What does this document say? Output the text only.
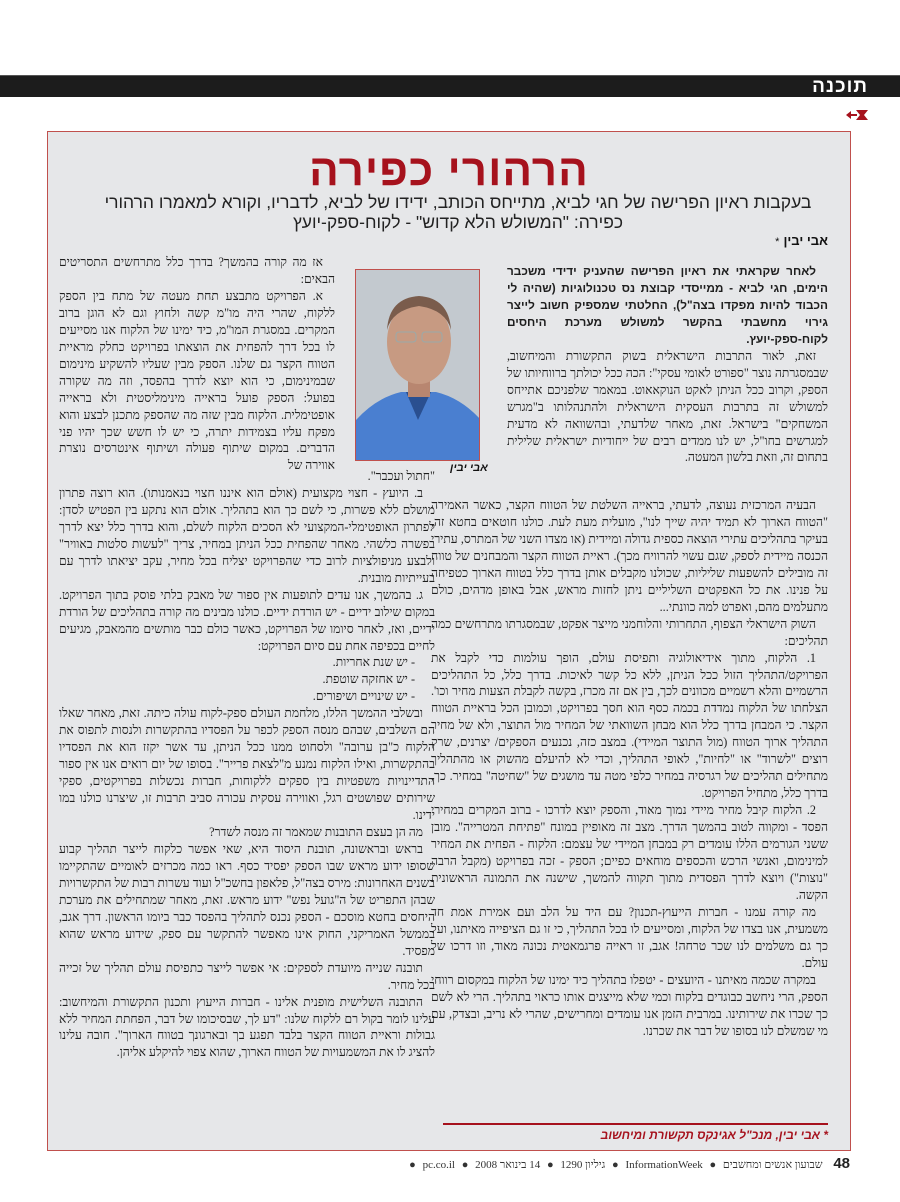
תוכנה
הרהורי כפירה
בעקבות ראיון הפרישה של חגי לביא, מתייחס הכותב, ידידו של לביא, לדבריו, וקורא למאמרו הרהורי כפירה: "המשולש הלא קדוש" - לקוח-ספק-יועץ
אבי יבין*

לאחר שקראתי את ראיון הפרישה שהעניק ידידי משכבר הימים, חגי לביא - ממייסדי קבוצת נס טכנולוגיות (שהיה לי הכבוד להיות מפקדו בצה"ל), החלטתי שמספיק חשוב לייצר גירוי מחשבתי בהקשר למשולש מערכת היחסים לקוח-ספק-יועץ.

זאת, לאור התרבות הישראלית בשוק התקשורת והמיחשוב, שבמסגרתה נוצר "ספורט לאומי עסקי": הכה ככל יכולתך ברווחיותו של הספק, וקרוב ככל הניתן לאקט הנוקאאוט. במאמר שלפניכם אתייחס למשולש זה בתרבות העסקית הישראלית ולהתנהלותו ב"מגרש המשחקים" בישראל. זאת, מאחר שלדעתי, ובהשוואה לא מדעית למגרשים בחו"ל, יש לנו ממדים רבים של ייחודיות ישראלית שלילית בתחום זה, וזאת בלשון המעטה.

הבעיה המרכזית נעוצה, לדעתי, בראייה השלטת של הטווח הקצר, כאשר האמירה "הטווח הארוך לא תמיד יהיה שייך לנו", מועלית מעת לעת. כולנו חוטאים בחטא זה, בעיקר בתהליכים עתירי הוצאה כספית גדולה ומיידית (או מצדו השני של המתרס, עתירי הכנסה מיידית לספק, שגם עשוי להרוויח מכך). ראיית הטווח הקצר והמבחנים של טווח זה מובילים להשפעות שליליות, שכולנו מקבלים אותן בדרך כלל בטווח הארוך כטפיחה על פנינו. את כל האפקטים השליליים ניתן לחזות מראש, אבל באופן מדהים, כולם מתעלמים מהם, ואפרט למה כוונתי...

השוק הישראלי הצפוף, התחרותי והלוחמני מייצר אפקט, שבמסגרתו מתרחשים כמה תהליכים:

1. הלקוח, מתוך אידיאולוגיה ותפיסת עולם, הופך עולמות כדי לקבל את הפרויקט/התהליך הזול ככל הניתן, ללא כל קשר לאיכות. בדרך כלל, כל התהליכים הרשמיים והלא רשמיים מכוונים לכך, בין אם זה מכרז, בקשה לקבלת הצעות מחיר וכו'. הצלחתו של הלקוח נמדדת בכמה כסף הוא חסך בפרויקט, וכמובן הכל בראיית הטווח הקצר. כי המבחן בדרך כלל הוא מבחן השוואתי של המחיר מול התוצר, ולא של מחיר התהליך ארוך הטווח (מול התוצר המיידי). במצב כזה, נכנעים הספקים/ יצרנים, שרק רוצים "לשרוד" או "לחיות", לאופי התהליך, וכדי לא להיעלם מהשוק או מהתהליך מתחילים תהליכים של רגרסיה במחיר כלפי מטה עד מושגים של "שחיטה" במחיר. כך, בדרך כלל, מתחיל הפרויקט.

2. הלקוח קיבל מחיר מיידי נמוך מאוד, והספק יוצא לדרכו - ברוב המקרים במחירי הפסד - ומקווה לטוב בהמשך הדרך. מצב זה מאופיין במונח "פתיחת המטרייה". מובן ששני הגורמים הללו עומדים רק במבחן המיידי של עצמם: הלקוח - הפחית את המחיר למינימום, ואנשי הרכש והכספים מוחאים כפיים; הספק - זכה בפרויקט (מקבל הרבה "נוצות") ויוצא לדרך הפסדית מתוך תקווה להמשך, שישנה את התמונה הראשונית הקשה.

מה קורה עמנו - חברות הייעוץ-תכנון? עם היד על הלב ועם אמירת אמת חד משמעית, אנו בצדו של הלקוח, ומסייעים לו בכל התהליך, כי זו גם הציפייה מאיתנו, ועל כך גם משלמים לנו שכר טרחה! אגב, זו ראייה פרגמאטית נכונה מאוד, וזו דרכו של עולם.

במקרה שכמה מאיתנו - היועצים - יטפלו בתהליך כיד ימינו של הלקוח במקסום רווחי הספק, הרי ניחשב כבוגדים בלקוח וכמי שלא מייצגים אותו כראוי בתהליך. הרי לא לשם כך שכרו את שירותינו. במרבית הזמן אנו עומדים ומחרישים, שהרי לא נריב, ובצדק, עם מי שמשלם לנו בסופו של דבר את שכרנו.

אז מה קורה בהמשך? בדרך כלל מתרחשים התסריטים הבאים:

א. הפרויקט מתבצע תחת מעטה של מתח בין הספק ללקוח, שהרי היה מו"מ קשה ולחוץ וגם לא הוגן ברוב המקרים. במסגרת המו"מ, כיד ימינו של הלקוח אנו מסייעים לו בכל דרך להפחית את הוצאתו בפרויקט כחלק מראיית הטווח הקצר גם שלנו. הספק מבין שעליו להשקיע מינימום שבמינימום, כי הוא יוצא לדרך בהפסד, וזה מה שקורה בפועל: הספק פועל בראייה מינימליסטית ולא בראייה אופטימלית. הלקוח מבין שזה מה שהספק מתכנן לבצע והוא מפקח עליו בצמידות יתרה, כי יש לו חשש שכך יהיו פני הדברים. במקום שיתוף פעולה ושיתוף אינטרסים נוצרת אווירה של	אבי יבין

"חתול ועכבר".

ב. היועץ - חצוי מקצועית (אולם הוא איננו חצוי בנאמנותו). הוא רוצה פתרון מושלם ללא פשרות, כי לשם כך הוא בתהליך. אולם הוא נתקע בין הפטיש לסדן: לפתרון האופטימלי-המקצועי לא הסכים הלקוח לשלם, והוא בדרך כלל יצא לדרך בפשרה כלשהי. מאחר שהפחית ככל הניתן במחיר, צריך "לעשות סלטות באוויר" ולבצע מניפולציות לרוב כדי שהפרויקט יצליח בכל מחיר, עקב יציאתו לדרך עם בעייתיות מובנית.

ג. בהמשך, אנו עדים לתופעות אין ספור של מאבק בלתי פוסק בתוך הפרויקט. במקום שילוב ידיים - יש הורדת ידיים. כולנו מבינים מה קורה בתהליכים של הורדת ידיים, ואז, לאחר סיומו של הפרויקט, כאשר כולם כבר מותשים מהמאבק, מגיעים לחיים בכפיפה אחת עם סיום הפרויקט:

- יש שנת אחריות.
- יש אחזקה שוטפת.
- יש שינויים ושיפורים.

ובשלבי ההמשך הללו, מלחמת העולם ספק-לקוח עולה כיתה. זאת, מאחר שאלו הם השלבים, שבהם מנסה הספק לכפר על הפסדיו בהתקשרות ולנסות לתפוס את הלקוח כ"בן ערובה" ולסחוט ממנו ככל הניתן, עד אשר יקזז הוא את הפסדיו בהתקשרות, ואילו הלקוח נמנע מ"לצאת פרייר". בסופו של יום רואים אנו אין ספור התדיינויות משפטיות בין ספקים ללקוחות, חברות נכשלות בפרויקטים, ספקי שירותים שפושטים רגל, ואווירה עסקית עכורה סביב תרבות זו, שיצרנו כולנו במו ידינו.

מה הן בעצם התובנות שמאמר זה מנסה לשדר?

בראש ובראשונה, תובנת היסוד היא, שאי אפשר כלקוח לייצר תהליך קבוע שסופו ידוע מראש שבו הספק יפסיד כסף. ראו כמה מכרזים לאומיים שהתקיימו בשנים האחרונות: מירס בצה"ל, פלאפון בחשכ"ל ועוד עשרות רבות של התקשרויות שבהן התפריט של ה"גועל נפש" ידוע מראש. זאת, מאחר שמתחילים את מערכת היחסים בחטא מוסכם - הספק נכנס לתהליך בהפסד כבר ביומו הראשון. דרך אגב, בממשל האמריקני, החוק אינו מאפשר להתקשר עם ספק, שידוע מראש שהוא מפסיד.

תובנה שנייה מיועדת לספקים: אי אפשר לייצר כתפיסת עולם תהליך של זכייה בכל מחיר.

התובנה השלישית מופנית אלינו - חברות הייעוץ ותכנון התקשורת והמיחשוב: עלינו לומר בקול רם ללקוח שלנו: "דע לך, שבסיכומו של דבר, הפחתת המחיר ללא גבולות וראיית הטווח הקצר בלבד תפגע בך ובארגונך בטווח הארוך". חובה עלינו להציג לו את המשמעויות של הטווח הארוך, שהוא צפוי להיקלע אליהן.

* אבי יבין, מנכ"ל אגינקס תקשורת ומיחשוב
48 שבועון אנשים ומחשבים ● InformationWeek ● גיליון 1290 ● 14 בינואר 2008 ● pc.co.il ●
